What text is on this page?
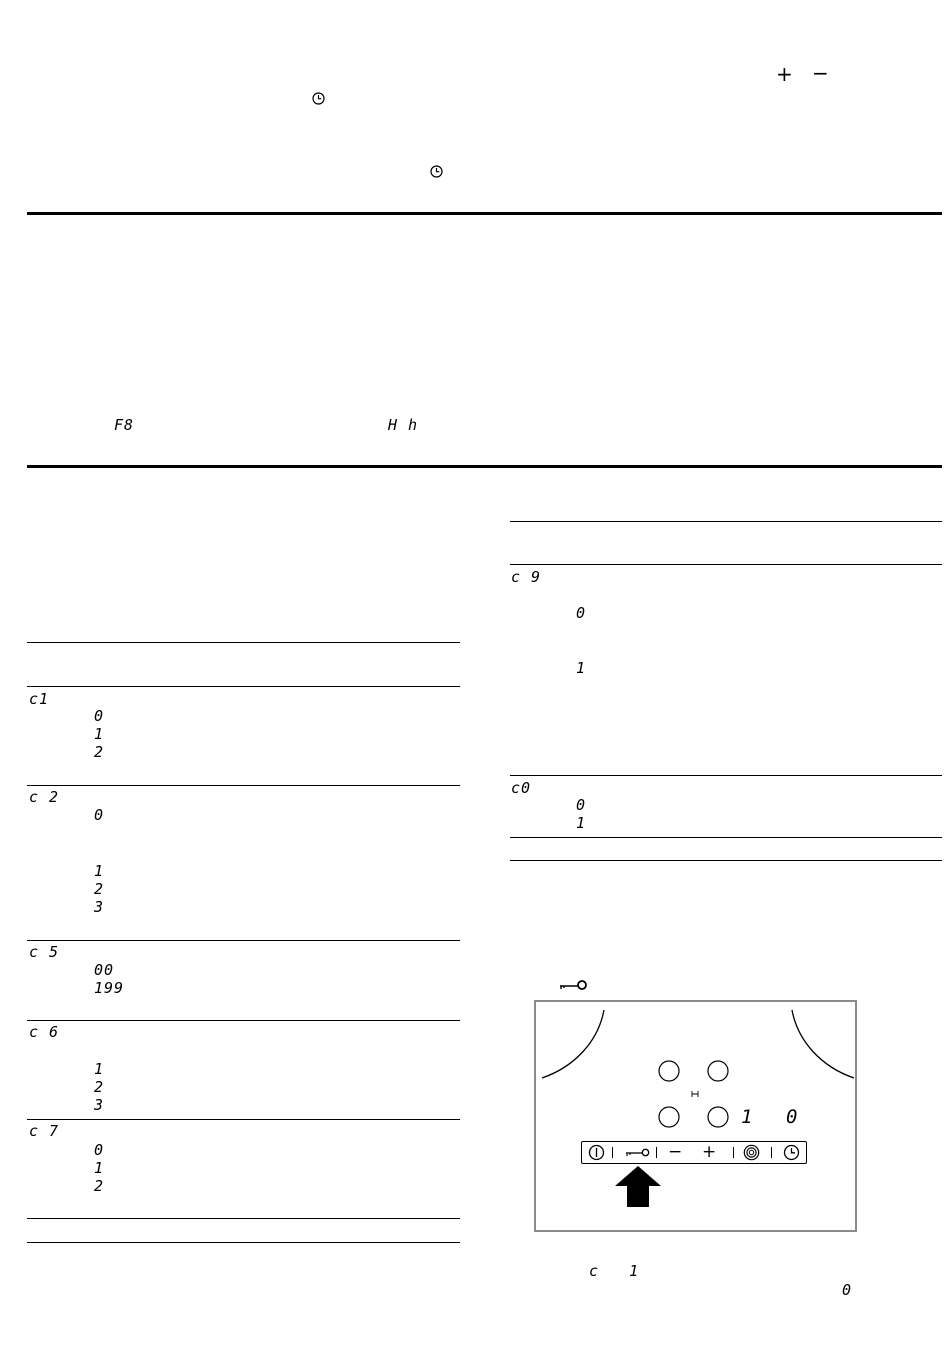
+ −
F8	H h
c1
0
1
2
c 2
0
1
2
3
c 5
00
199
c 6
1
2
3
c 7
0
1
2
c 9
0
1
c0
0
1
1 0
− +
c   1
0
